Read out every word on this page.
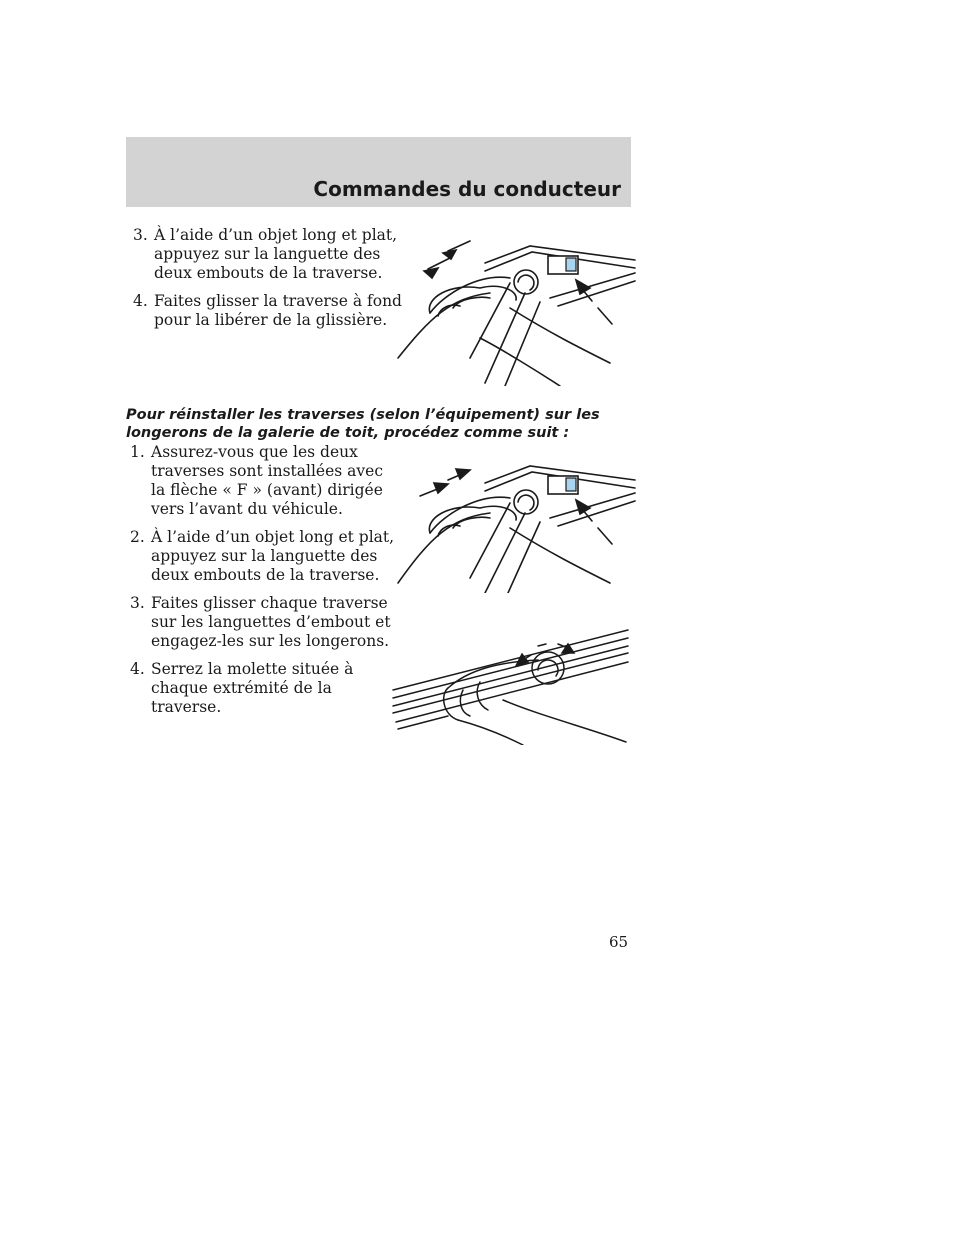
Commandes du conducteur
3. À l’aide d’un objet long et plat, appuyez sur la languette des deux embouts de la traverse.
4. Faites glisser la traverse à fond pour la libérer de la glissière.
Pour réinstaller les traverses (selon l’équipement) sur les longerons de la galerie de toit, procédez comme suit :
1. Assurez-vous que les deux traverses sont installées avec la flèche « F » (avant) dirigée vers l’avant du véhicule.
2. À l’aide d’un objet long et plat, appuyez sur la languette des deux embouts de la traverse.
3. Faites glisser chaque traverse sur les languettes d’embout et engagez-les sur les longerons.
4. Serrez la molette située à chaque extrémité de la traverse.
65
